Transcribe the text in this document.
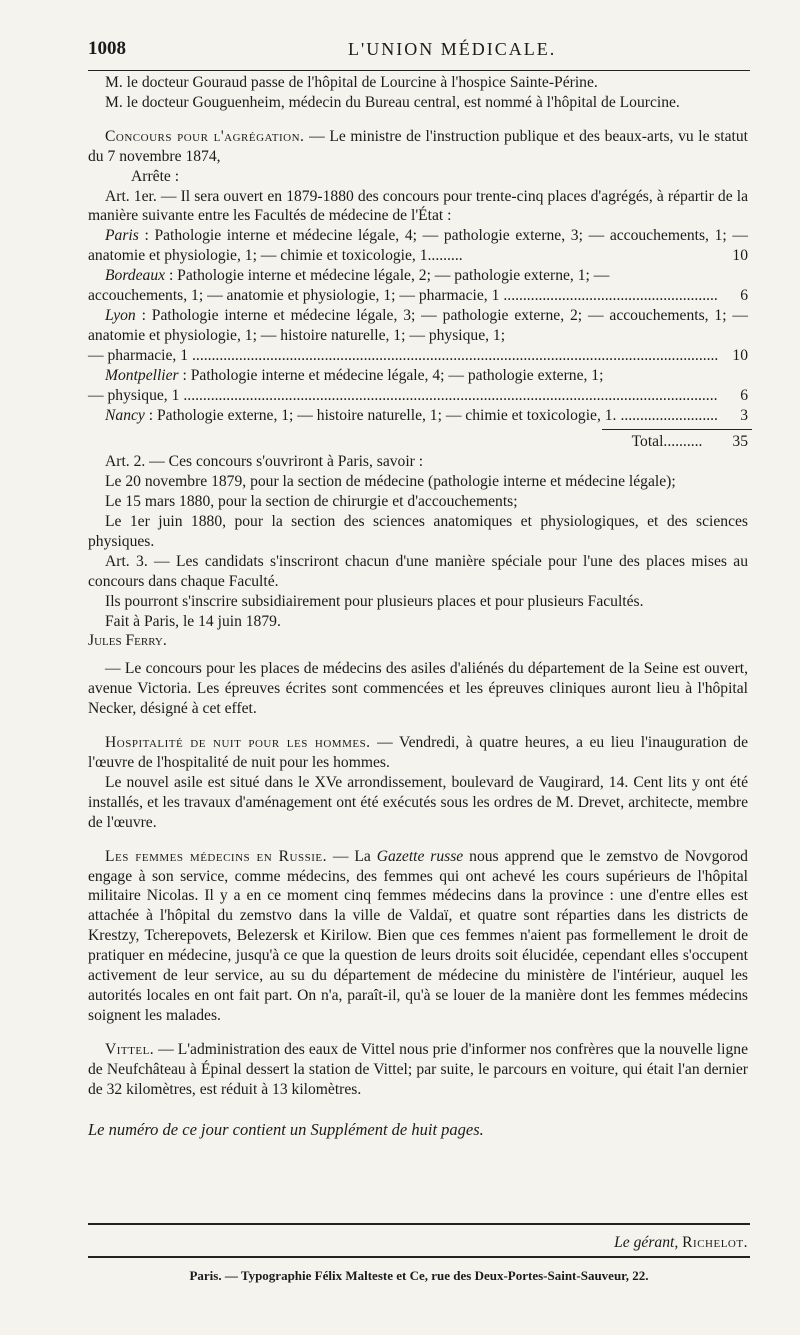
1008	L'UNION MÉDICALE.

M. le docteur Gouraud passe de l'hôpital de Lourcine à l'hospice Sainte-Périne.

M. le docteur Gouguenheim, médecin du Bureau central, est nommé à l'hôpital de Lourcine.

Concours pour l'agrégation. — Le ministre de l'instruction publique et des beaux-arts, vu le statut du 7 novembre 1874,

Arrête :

Art. 1er. — Il sera ouvert en 1879-1880 des concours pour trente-cinq places d'agrégés, à répartir de la manière suivante entre les Facultés de médecine de l'État :

Paris : Pathologie interne et médecine légale, 4; — pathologie externe, 3; — accouchements, 1; — anatomie et physiologie, 1; — chimie et toxicologie, 1.........	10

Bordeaux : Pathologie interne et médecine légale, 2; — pathologie externe, 1; —

accouchements, 1; — anatomie et physiologie, 1; — pharmacie, 1 .....	6

Lyon : Pathologie interne et médecine légale, 3; — pathologie externe, 2; — accouchements, 1; — anatomie et physiologie, 1; — histoire naturelle, 1; — physique, 1;

— pharmacie, 1 .....	10

Montpellier : Pathologie interne et médecine légale, 4; — pathologie externe, 1;

— physique, 1 .....	6
Nancy : Pathologie externe, 1; — histoire naturelle, 1; — chimie et toxicologie, 1. .....	3
Total.......... 35

Art. 2. — Ces concours s'ouvriront à Paris, savoir :

Le 20 novembre 1879, pour la section de médecine (pathologie interne et médecine légale);

Le 15 mars 1880, pour la section de chirurgie et d'accouchements;

Le 1er juin 1880, pour la section des sciences anatomiques et physiologiques, et des sciences physiques.

Art. 3. — Les candidats s'inscriront chacun d'une manière spéciale pour l'une des places mises au concours dans chaque Faculté.

Ils pourront s'inscrire subsidiairement pour plusieurs places et pour plusieurs Facultés.

Fait à Paris, le 14 juin 1879.

Jules Ferry.

— Le concours pour les places de médecins des asiles d'aliénés du département de la Seine est ouvert, avenue Victoria. Les épreuves écrites sont commencées et les épreuves cliniques auront lieu à l'hôpital Necker, désigné à cet effet.

Hospitalité de nuit pour les hommes. — Vendredi, à quatre heures, a eu lieu l'inauguration de l'œuvre de l'hospitalité de nuit pour les hommes.

Le nouvel asile est situé dans le XVe arrondissement, boulevard de Vaugirard, 14. Cent lits y ont été installés, et les travaux d'aménagement ont été exécutés sous les ordres de M. Drevet, architecte, membre de l'œuvre.

Les femmes médecins en Russie. — La Gazette russe nous apprend que le zemstvo de Novgorod engage à son service, comme médecins, des femmes qui ont achevé les cours supérieurs de l'hôpital militaire Nicolas. Il y a en ce moment cinq femmes médecins dans la province : une d'entre elles est attachée à l'hôpital du zemstvo dans la ville de Valdaï, et quatre sont réparties dans les districts de Krestzy, Tcherepovets, Belezersk et Kirilow. Bien que ces femmes n'aient pas formellement le droit de pratiquer en médecine, jusqu'à ce que la question de leurs droits soit élucidée, cependant elles s'occupent activement de leur service, au su du département de médecine du ministère de l'intérieur, auquel les autorités locales en ont fait part. On n'a, paraît-il, qu'à se louer de la manière dont les femmes médecins soignent les malades.

Vittel. — L'administration des eaux de Vittel nous prie d'informer nos confrères que la nouvelle ligne de Neufchâteau à Épinal dessert la station de Vittel; par suite, le parcours en voiture, qui était l'an dernier de 32 kilomètres, est réduit à 13 kilomètres.

Le numéro de ce jour contient un Supplément de huit pages.

Le gérant, Richelot.
Paris. — Typographie Félix Malteste et Ce, rue des Deux-Portes-Saint-Sauveur, 22.
